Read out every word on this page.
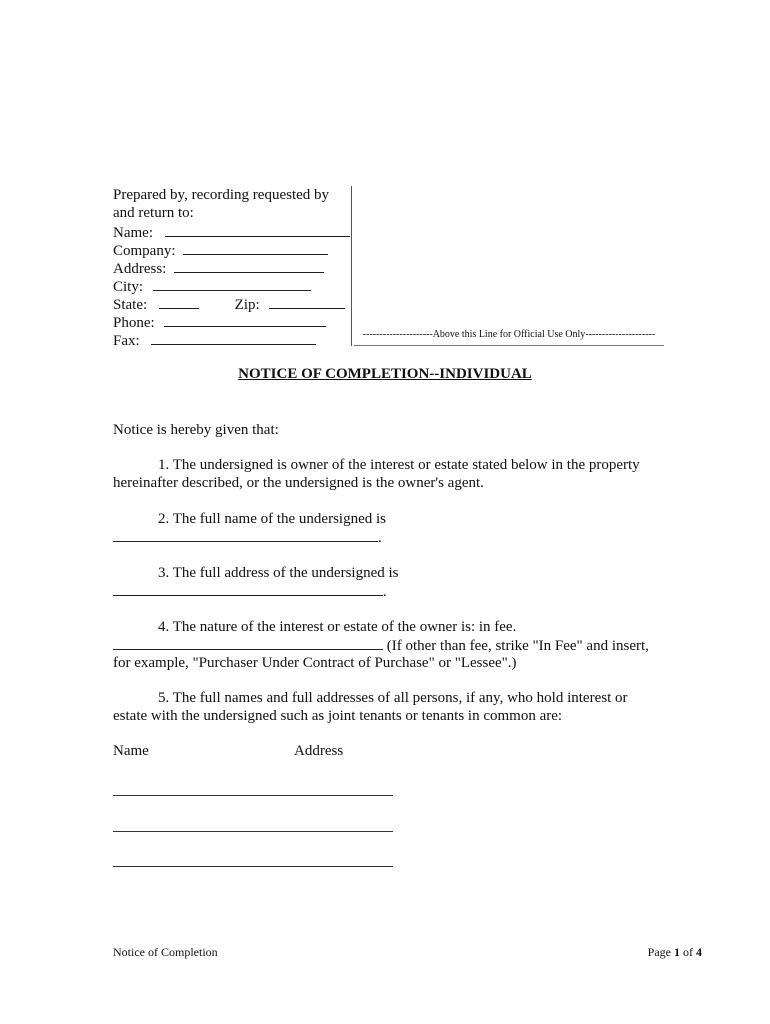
Prepared by, recording requested by
and return to:
Name:
Company:
Address:
City:
State:	Zip:
Phone:
Fax:	---------------------Above this Line for Official Use Only---------------------
NOTICE OF COMPLETION--INDIVIDUAL
Notice is hereby given that:
1. The undersigned is owner of the interest or estate stated below in the property hereinafter described, or the undersigned is the owner's agent.
2. The full name of the undersigned is
.
3. The full address of the undersigned is
.
4. The nature of the interest or estate of the owner is: in fee.
(If other than fee, strike "In Fee" and insert,
for example, "Purchaser Under Contract of Purchase" or "Lessee".)
5. The full names and full addresses of all persons, if any, who hold interest or estate with the undersigned such as joint tenants or tenants in common are:
Name	Address
Notice of Completion	Page 1 of 4
